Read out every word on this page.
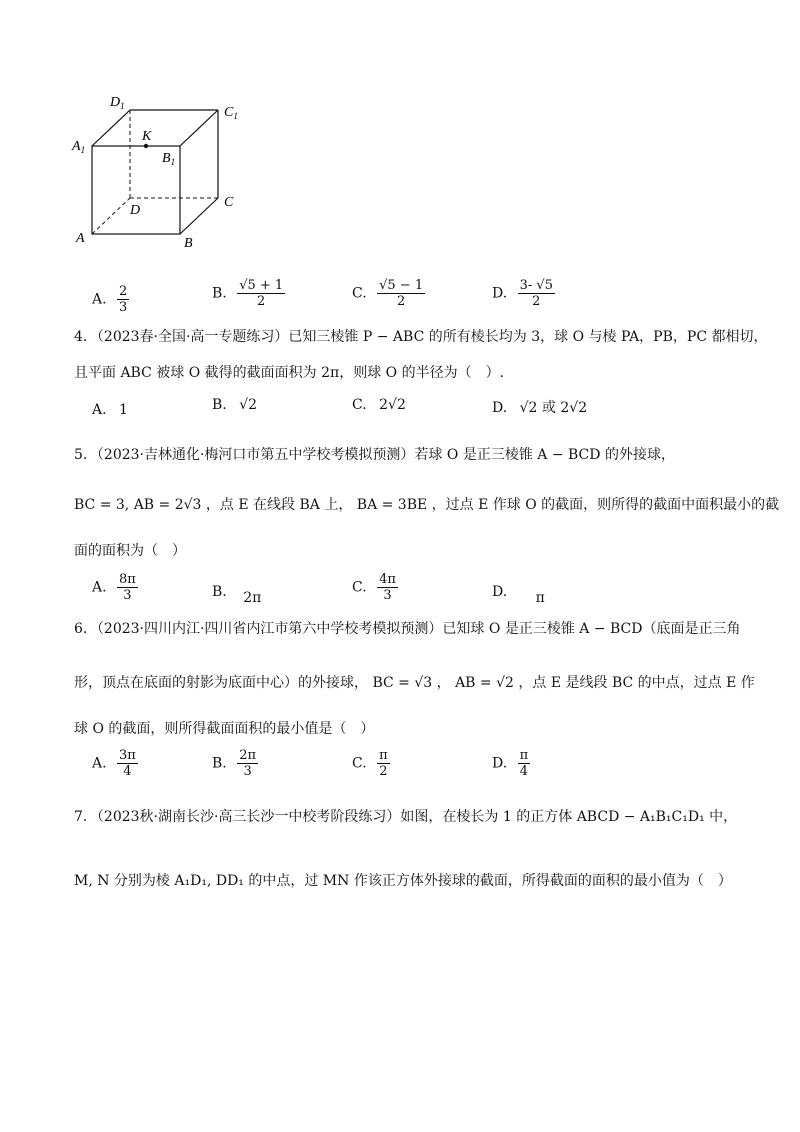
$D_1$	$C_1$
$A_1$
K
$B_1$
D
C
A	B
A. $\frac{2}{3}$	B. $\frac{√5 + 1}{2}$	C. $\frac{√5 - 1}{2}$	D. $\frac{3- √5}{2}$
4．（2023春·全国·高一专题练习）已知三棱锥 P − ABC 的所有棱长均为 3，球 O 与棱 PA，PB，PC 都相切，
且平面 ABC 被球 O 截得的截面面积为 2π，则球 O 的半径为（　）.
A. 1	B. √2	C. 2√2	D. √2 或 2√2
5．（2023·吉林通化·梅河口市第五中学校考模拟预测）若球 O 是正三棱锥 A − BCD 的外接球，
BC = 3, AB = 2√3 ，点 E 在线段 BA 上， BA = 3BE ，过点 E 作球 O 的截面，则所得的截面中面积最小的截
面的面积为（　）
A. $\frac{8\pi}{3}$	B. 2π
C. $\frac{4\pi}{3}$	D. π
6．（2023·四川内江·四川省内江市第六中学校考模拟预测）已知球 O 是正三棱锥 A − BCD（底面是正三角
形，顶点在底面的射影为底面中心）的外接球， BC = √3 ， AB = √2 ，点 E 是线段 BC 的中点，过点 E 作
球 O 的截面，则所得截面面积的最小值是（　）
A. $\frac{3\pi}{4}$	B. $\frac{2\pi}{3}$	C. $\frac{\pi}{2}$	D. $\frac{\pi}{4}$
7．（2023秋·湖南长沙·高三长沙一中校考阶段练习）如图，在棱长为 1 的正方体 ABCD − A₁B₁C₁D₁ 中，
M, N 分别为棱 A₁D₁, DD₁ 的中点，过 MN 作该正方体外接球的截面，所得截面的面积的最小值为（　）
